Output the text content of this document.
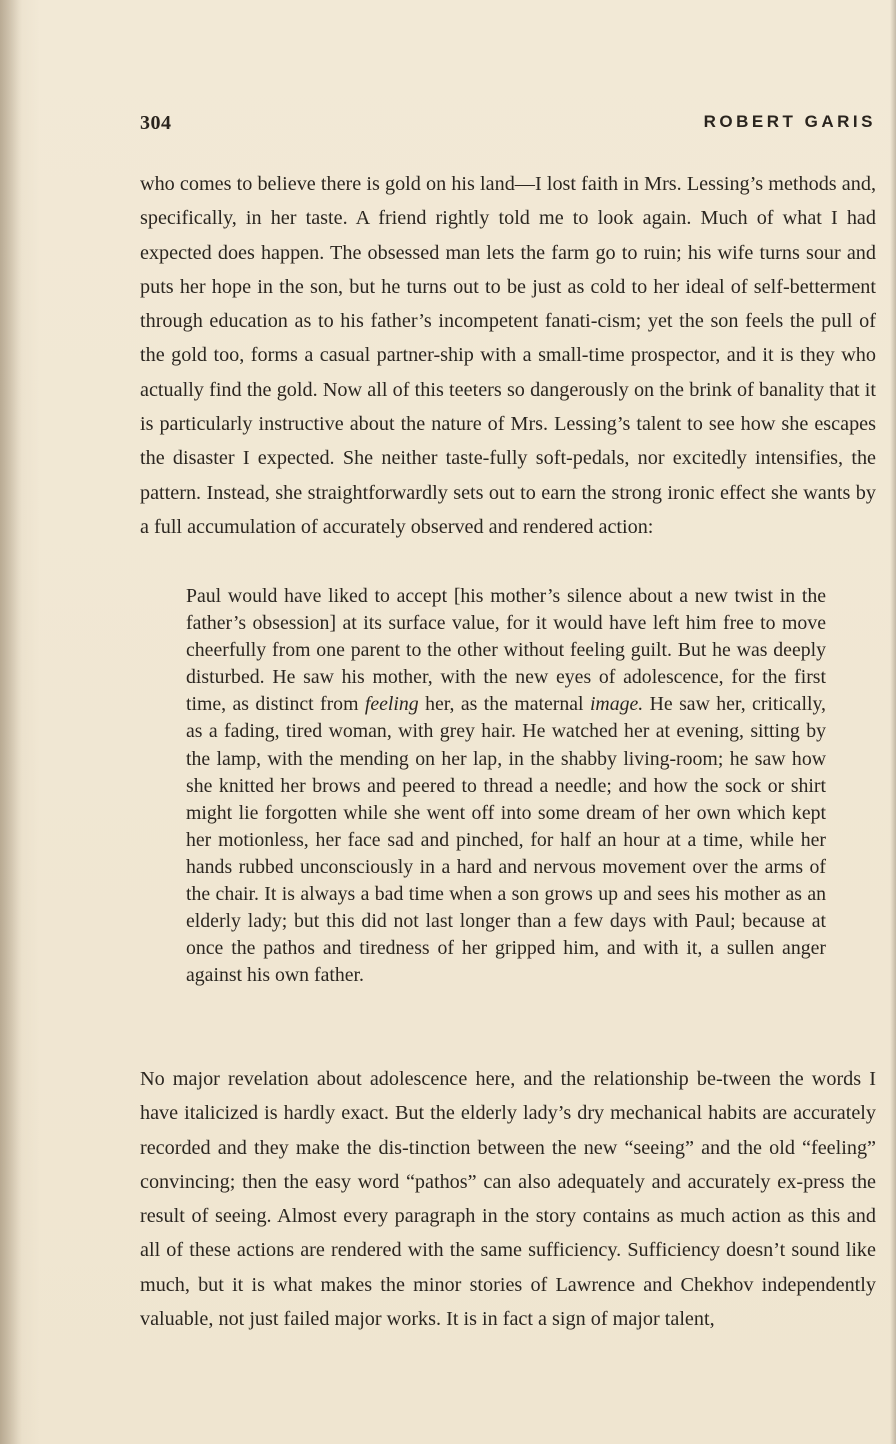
304	ROBERT GARIS

who comes to believe there is gold on his land—I lost faith in Mrs. Lessing’s methods and, specifically, in her taste. A friend rightly told me to look again. Much of what I had expected does happen. The obsessed man lets the farm go to ruin; his wife turns sour and puts her hope in the son, but he turns out to be just as cold to her ideal of self-betterment through education as to his father’s incompetent fanati-cism; yet the son feels the pull of the gold too, forms a casual partner-ship with a small-time prospector, and it is they who actually find the gold. Now all of this teeters so dangerously on the brink of banality that it is particularly instructive about the nature of Mrs. Lessing’s talent to see how she escapes the disaster I expected. She neither taste-fully soft-pedals, nor excitedly intensifies, the pattern. Instead, she straightforwardly sets out to earn the strong ironic effect she wants by a full accumulation of accurately observed and rendered action:

Paul would have liked to accept [his mother’s silence about a new twist in the father’s obsession] at its surface value, for it would have left him free to move cheerfully from one parent to the other without feeling guilt. But he was deeply disturbed. He saw his mother, with the new eyes of adolescence, for the first time, as distinct from feeling her, as the maternal image. He saw her, critically, as a fading, tired woman, with grey hair. He watched her at evening, sitting by the lamp, with the mending on her lap, in the shabby living-room; he saw how she knitted her brows and peered to thread a needle; and how the sock or shirt might lie forgotten while she went off into some dream of her own which kept her motionless, her face sad and pinched, for half an hour at a time, while her hands rubbed unconsciously in a hard and nervous movement over the arms of the chair. It is always a bad time when a son grows up and sees his mother as an elderly lady; but this did not last longer than a few days with Paul; because at once the pathos and tiredness of her gripped him, and with it, a sullen anger against his own father.

No major revelation about adolescence here, and the relationship be-tween the words I have italicized is hardly exact. But the elderly lady’s dry mechanical habits are accurately recorded and they make the dis-tinction between the new “seeing” and the old “feeling” convincing; then the easy word “pathos” can also adequately and accurately ex-press the result of seeing. Almost every paragraph in the story contains as much action as this and all of these actions are rendered with the same sufficiency. Sufficiency doesn’t sound like much, but it is what makes the minor stories of Lawrence and Chekhov independently valuable, not just failed major works. It is in fact a sign of major talent,
